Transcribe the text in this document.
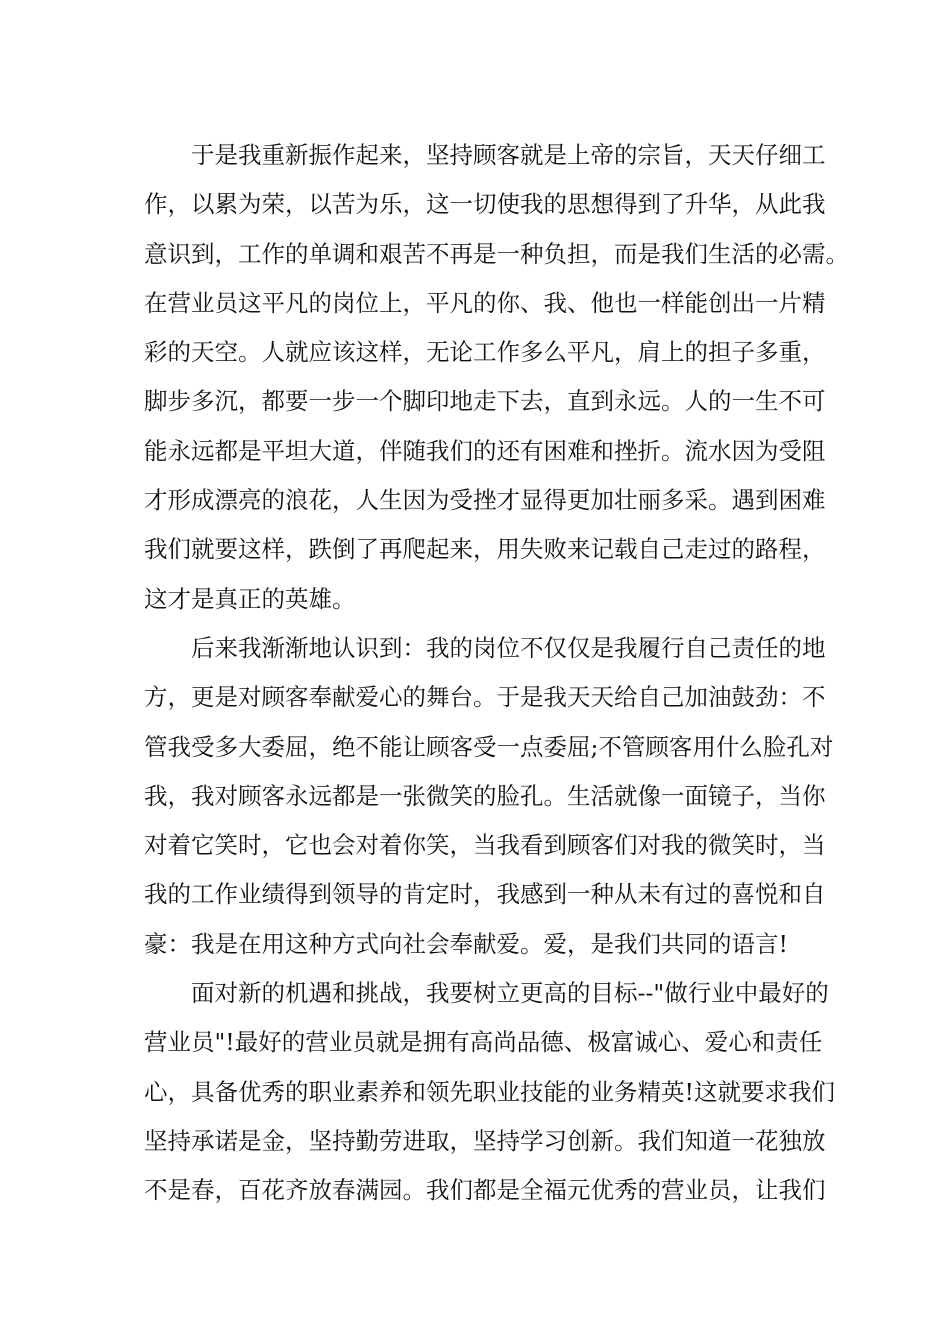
于是我重新振作起来，坚持顾客就是上帝的宗旨，天天仔细工
作，以累为荣，以苦为乐，这一切使我的思想得到了升华，从此我
意识到，工作的单调和艰苦不再是一种负担，而是我们生活的必需。
在营业员这平凡的岗位上，平凡的你、我、他也一样能创出一片精
彩的天空。人就应该这样，无论工作多么平凡，肩上的担子多重，
脚步多沉，都要一步一个脚印地走下去，直到永远。人的一生不可
能永远都是平坦大道，伴随我们的还有困难和挫折。流水因为受阻
才形成漂亮的浪花，人生因为受挫才显得更加壮丽多采。遇到困难
我们就要这样，跌倒了再爬起来，用失败来记载自己走过的路程，
这才是真正的英雄。
后来我渐渐地认识到：我的岗位不仅仅是我履行自己责任的地
方，更是对顾客奉献爱心的舞台。于是我天天给自己加油鼓劲：不
管我受多大委屈，绝不能让顾客受一点委屈;不管顾客用什么脸孔对
我，我对顾客永远都是一张微笑的脸孔。生活就像一面镜子，当你
对着它笑时，它也会对着你笑，当我看到顾客们对我的微笑时，当
我的工作业绩得到领导的肯定时，我感到一种从未有过的喜悦和自
豪：我是在用这种方式向社会奉献爱。爱，是我们共同的语言!
面对新的机遇和挑战，我要树立更高的目标--"做行业中最好的
营业员"!最好的营业员就是拥有高尚品德、极富诚心、爱心和责任
心，具备优秀的职业素养和领先职业技能的业务精英!这就要求我们
坚持承诺是金，坚持勤劳进取，坚持学习创新。我们知道一花独放
不是春，百花齐放春满园。我们都是全福元优秀的营业员，让我们
